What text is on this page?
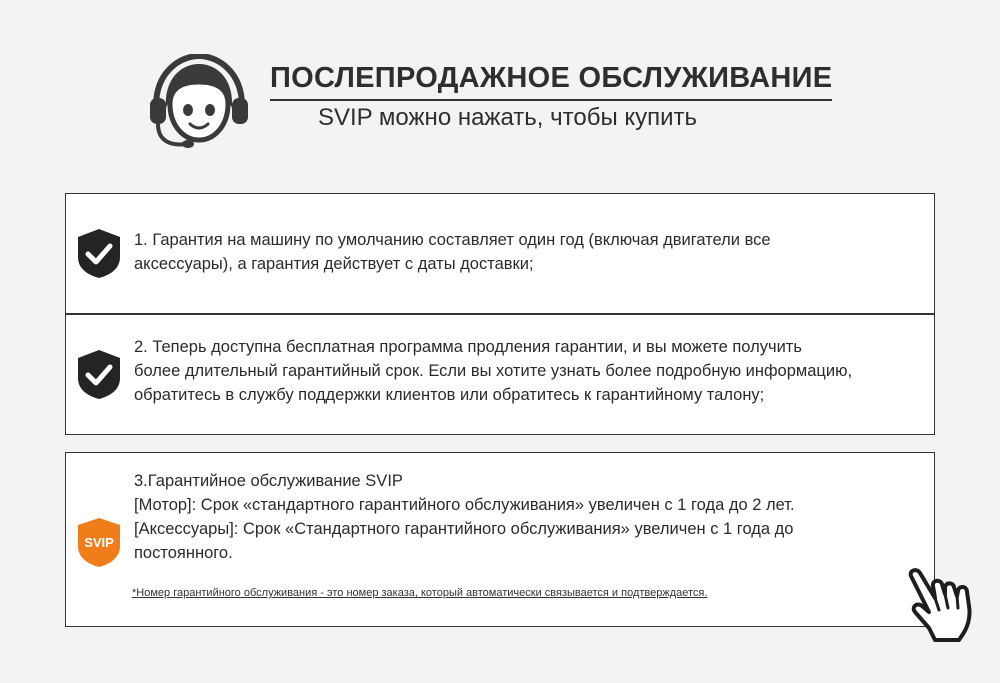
ПОСЛЕПРОДАЖНОЕ ОБСЛУЖИВАНИЕ
SVIP можно нажать, чтобы купить
1. Гарантия на машину по умолчанию составляет один год (включая двигатели все
аксессуары), а гарантия действует с даты доставки;
2. Теперь доступна бесплатная программа продления гарантии, и вы можете получить
более длительный гарантийный срок. Если вы хотите узнать более подробную информацию,
обратитесь в службу поддержки клиентов или обратитесь к гарантийному талону;
SVIP
3.Гарантийное обслуживание SVIP
[Мотор]: Срок «стандартного гарантийного обслуживания» увеличен с 1 года до 2 лет.
[Аксессуары]: Срок «Стандартного гарантийного обслуживания» увеличен с 1 года до
постоянного.
*Номер гарантийного обслуживания - это номер заказа, который автоматически связывается и подтверждается.
